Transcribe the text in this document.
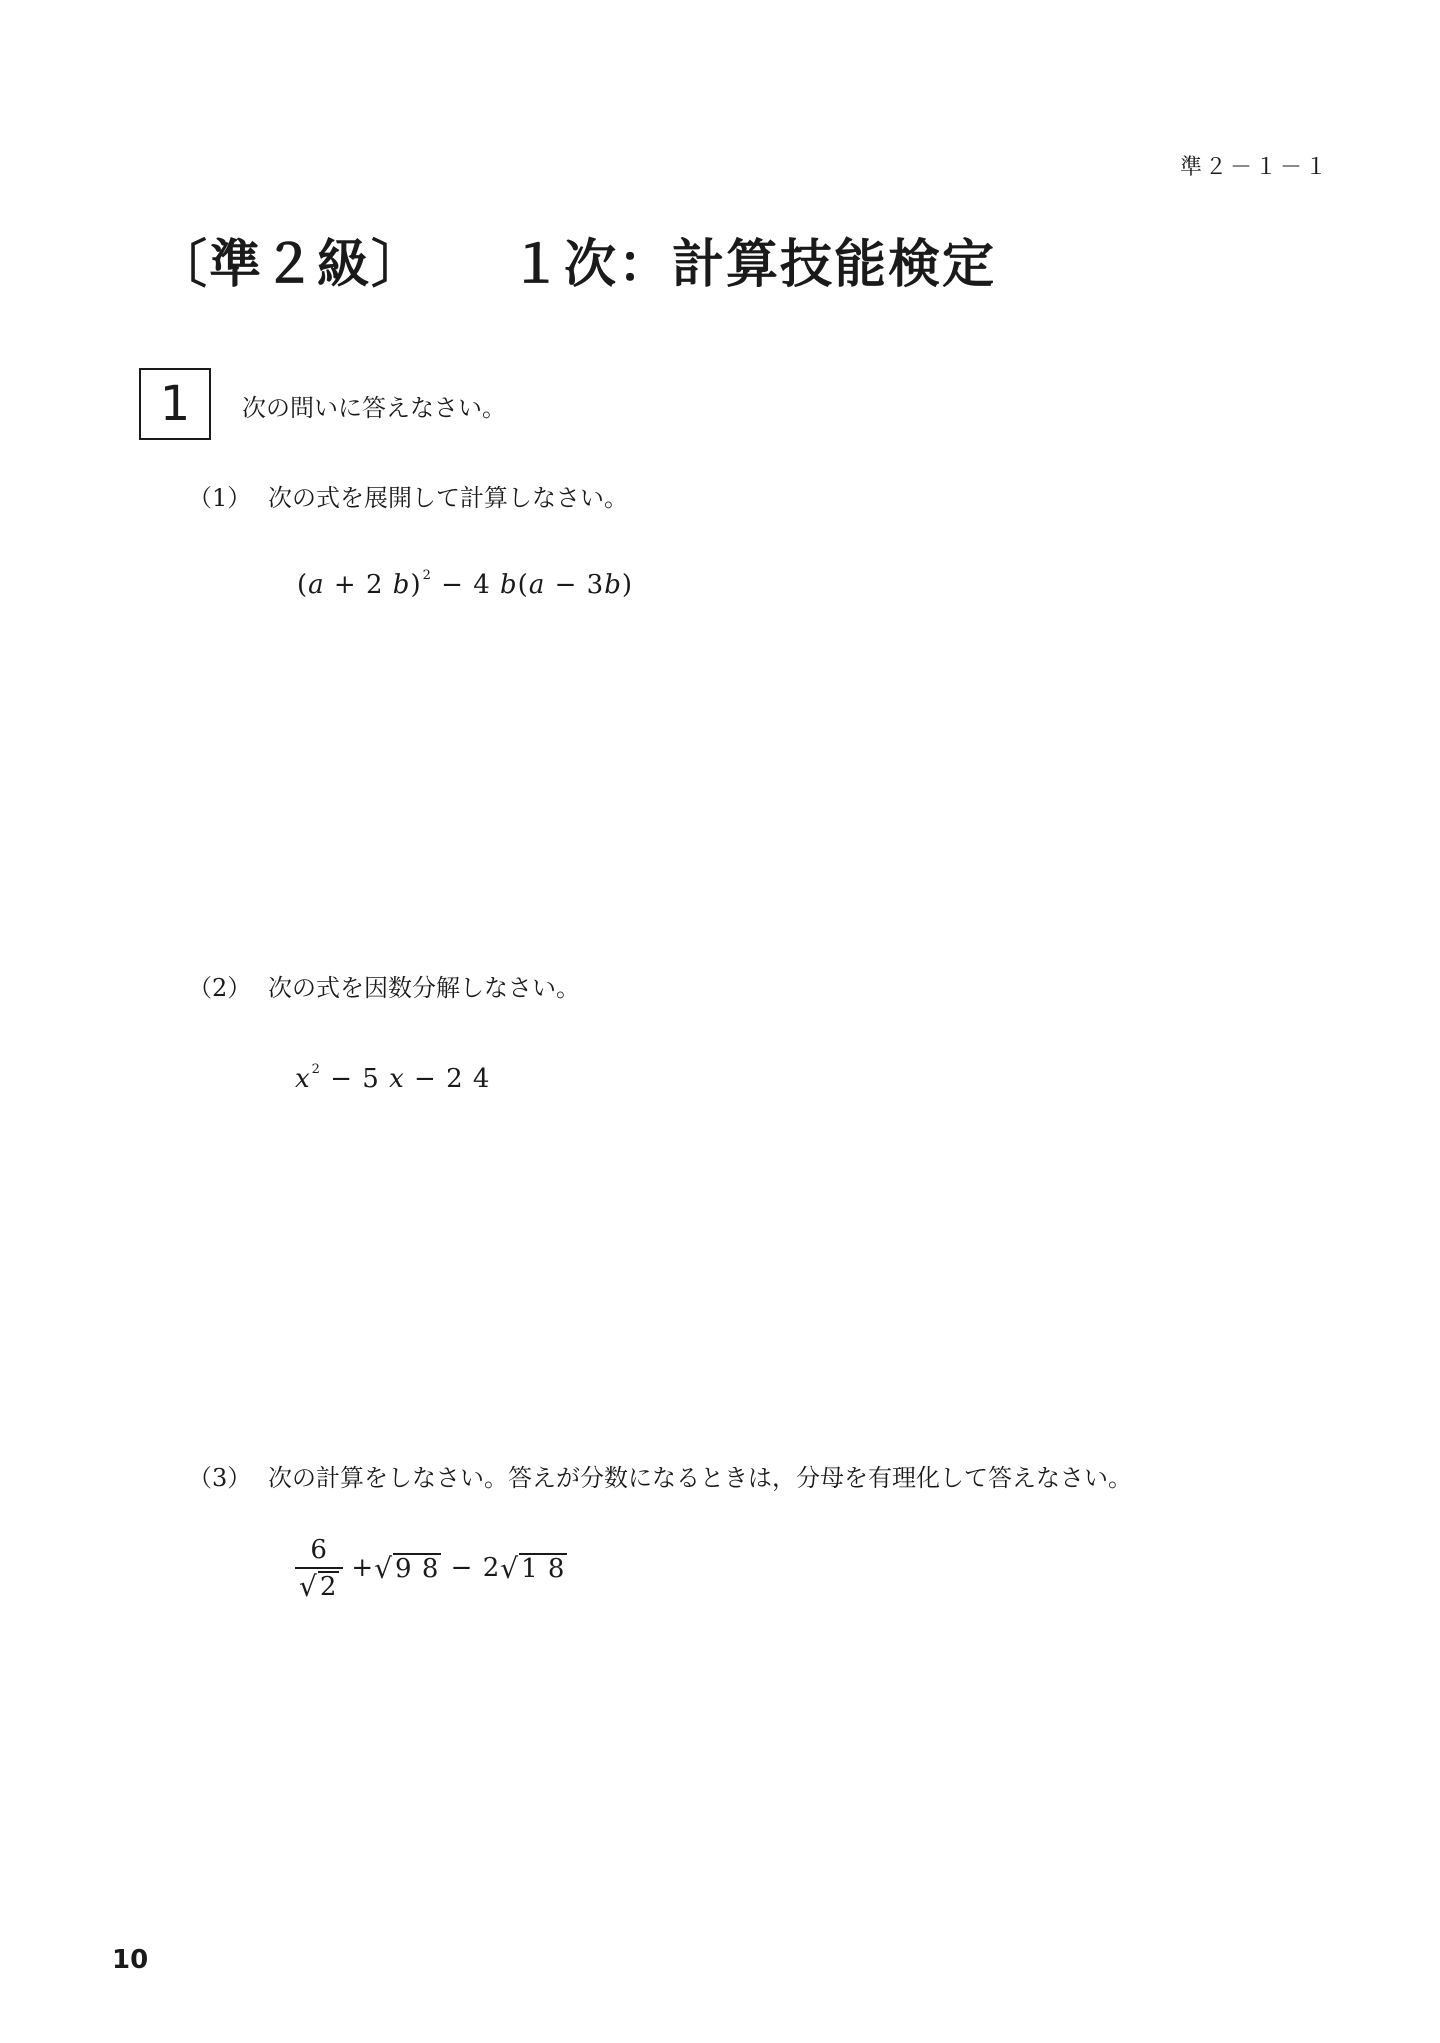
準２－１－１
〔準２級〕 １次：計算技能検定
1 次の問いに答えなさい。
（1） 次の式を展開して計算しなさい。
(a + 2 b)$^2$ − 4 b(a − 3b)
（2） 次の式を因数分解しなさい。
$x^2 - 5$ x − 2 4
（3） 次の計算をしなさい。答えが分数になるときは，分母を有理化して答えなさい。
$\frac{6}{√ 2}$ + √ 9 8 − 2 √ 1 8
10
